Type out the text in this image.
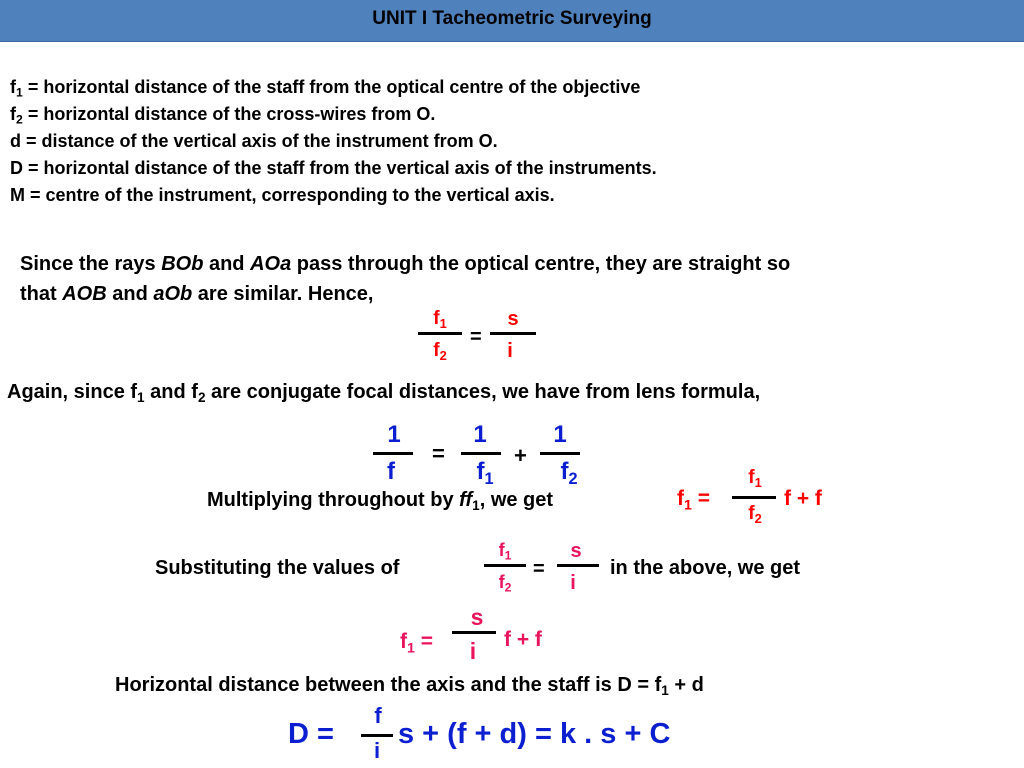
UNIT I Tacheometric Surveying
$f_1$ = horizontal distance of the staff from the optical centre of the objective
$f_2$ = horizontal distance of the cross-wires from O.
d = distance of the vertical axis of the instrument from O.
D = horizontal distance of the staff from the vertical axis of the instruments.
M = centre of the instrument, corresponding to the vertical axis.
Since the rays BOb and AOa pass through the optical centre, they are straight so
that AOB and aOb are similar. Hence,
$f_1$
$f_2$
=
s
i
Again, since $f_1$ and $f_2$ are conjugate focal distances, we have from lens formula,
1
f
=
1
$f_1$
+
1
$f_2$
Multiplying throughout by $ff_1$, we get	$f_1$ =
$f_1$
$f_2$
f + f
Substituting the values of
$f_1$
$f_2$
=
s
i
in the above, we get
$f_1$ =
s
i f + f
Horizontal distance between the axis and the staff is $D = f_1 + d$
D =
f
i
s + (f + d) = k . s + C
